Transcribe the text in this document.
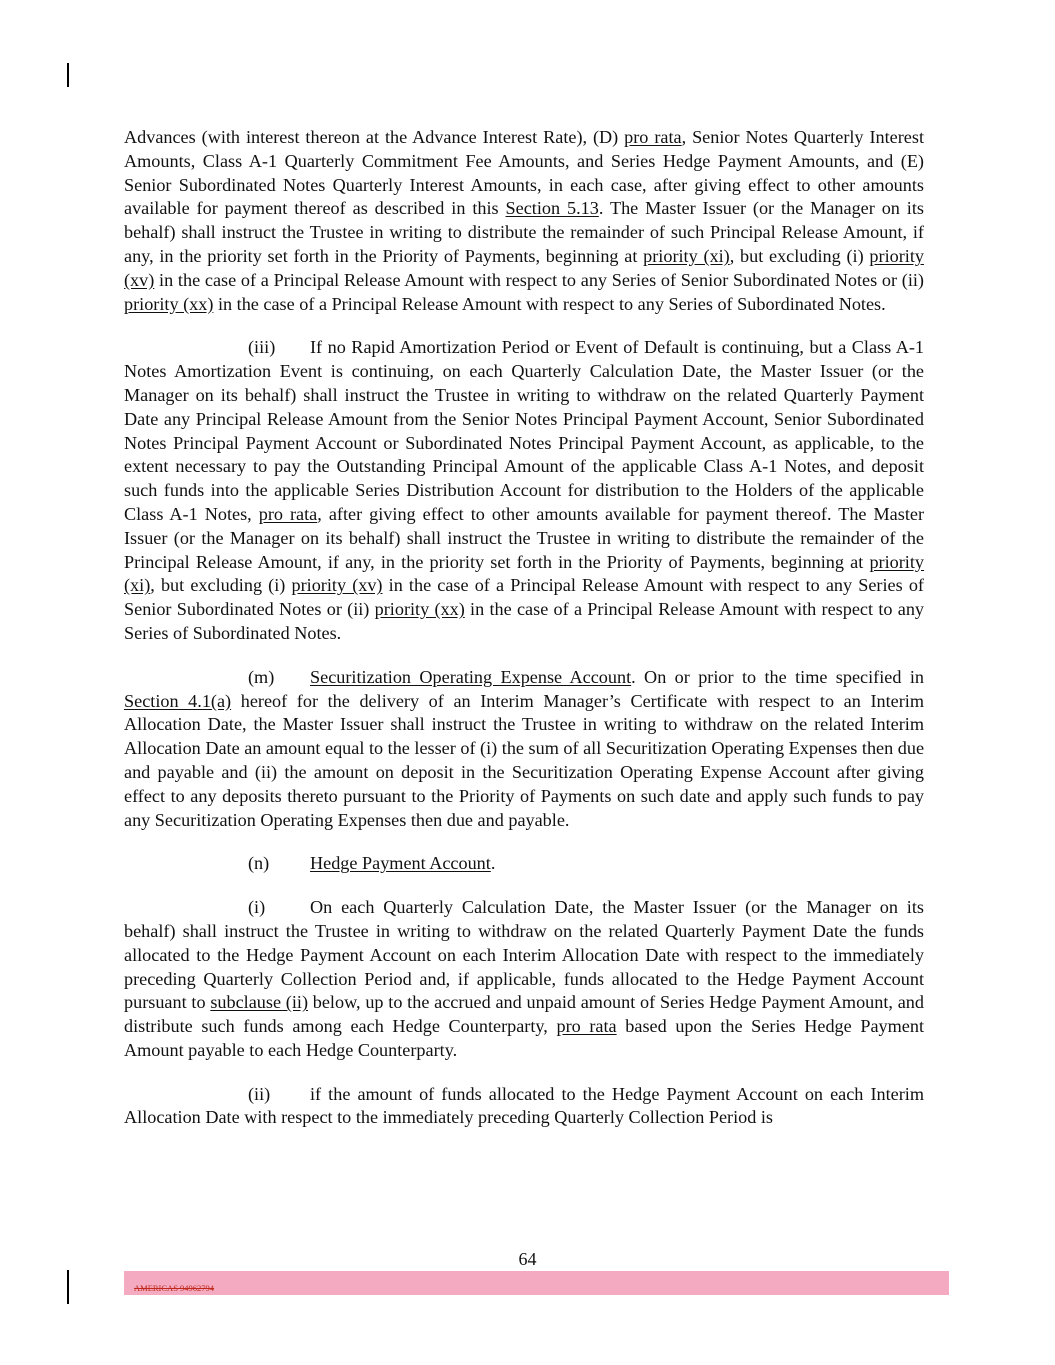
Advances (with interest thereon at the Advance Interest Rate), (D) pro rata, Senior Notes Quarterly Interest Amounts, Class A-1 Quarterly Commitment Fee Amounts, and Series Hedge Payment Amounts, and (E) Senior Subordinated Notes Quarterly Interest Amounts, in each case, after giving effect to other amounts available for payment thereof as described in this Section 5.13. The Master Issuer (or the Manager on its behalf) shall instruct the Trustee in writing to distribute the remainder of such Principal Release Amount, if any, in the priority set forth in the Priority of Payments, beginning at priority (xi), but excluding (i) priority (xv) in the case of a Principal Release Amount with respect to any Series of Senior Subordinated Notes or (ii) priority (xx) in the case of a Principal Release Amount with respect to any Series of Subordinated Notes.

(iii) If no Rapid Amortization Period or Event of Default is continuing, but a Class A-1 Notes Amortization Event is continuing, on each Quarterly Calculation Date, the Master Issuer (or the Manager on its behalf) shall instruct the Trustee in writing to withdraw on the related Quarterly Payment Date any Principal Release Amount from the Senior Notes Principal Payment Account, Senior Subordinated Notes Principal Payment Account or Subordinated Notes Principal Payment Account, as applicable, to the extent necessary to pay the Outstanding Principal Amount of the applicable Class A-1 Notes, and deposit such funds into the applicable Series Distribution Account for distribution to the Holders of the applicable Class A-1 Notes, pro rata, after giving effect to other amounts available for payment thereof. The Master Issuer (or the Manager on its behalf) shall instruct the Trustee in writing to distribute the remainder of the Principal Release Amount, if any, in the priority set forth in the Priority of Payments, beginning at priority (xi), but excluding (i) priority (xv) in the case of a Principal Release Amount with respect to any Series of Senior Subordinated Notes or (ii) priority (xx) in the case of a Principal Release Amount with respect to any Series of Subordinated Notes.

(m) Securitization Operating Expense Account. On or prior to the time specified in Section 4.1(a) hereof for the delivery of an Interim Manager’s Certificate with respect to an Interim Allocation Date, the Master Issuer shall instruct the Trustee in writing to withdraw on the related Interim Allocation Date an amount equal to the lesser of (i) the sum of all Securitization Operating Expenses then due and payable and (ii) the amount on deposit in the Securitization Operating Expense Account after giving effect to any deposits thereto pursuant to the Priority of Payments on such date and apply such funds to pay any Securitization Operating Expenses then due and payable.

(n) Hedge Payment Account.

(i) On each Quarterly Calculation Date, the Master Issuer (or the Manager on its behalf) shall instruct the Trustee in writing to withdraw on the related Quarterly Payment Date the funds allocated to the Hedge Payment Account on each Interim Allocation Date with respect to the immediately preceding Quarterly Collection Period and, if applicable, funds allocated to the Hedge Payment Account pursuant to subclause (ii) below, up to the accrued and unpaid amount of Series Hedge Payment Amount, and distribute such funds among each Hedge Counterparty, pro rata based upon the Series Hedge Payment Amount payable to each Hedge Counterparty.

(ii) if the amount of funds allocated to the Hedge Payment Account on each Interim Allocation Date with respect to the immediately preceding Quarterly Collection Period is

64
AMERICAS 94962794
